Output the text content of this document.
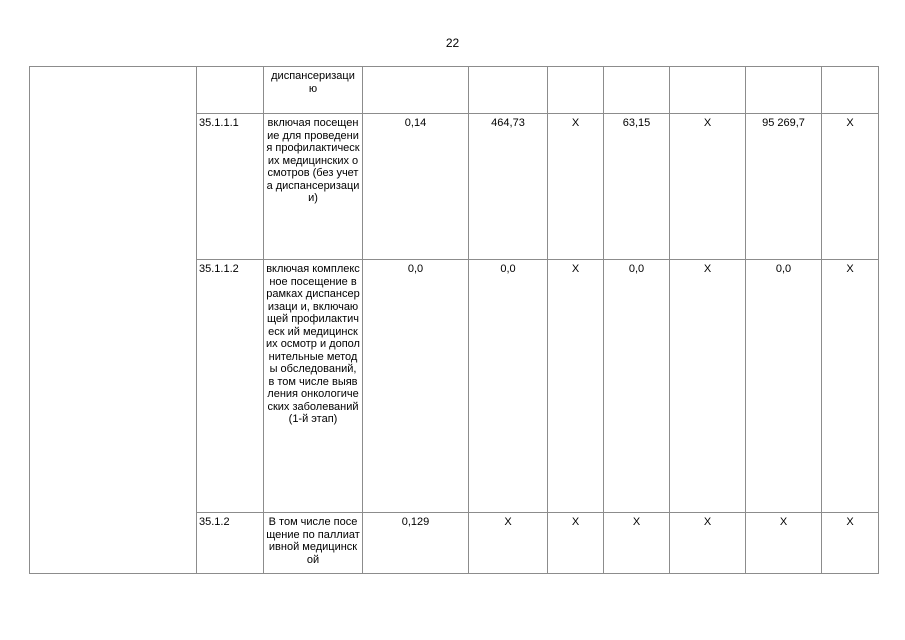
22
		диспансеризаци ю							
	35.1.1.1	включая посещение для проведения профилактическ их медицинских осмотров (без учета диспансеризаци и)	0,14	464,73	X	63,15	X	95 269,7	X
	35.1.1.2	включая комплексное посещение в рамках диспансеризаци и, включающей профилактическ ий медицинских осмотр и дополнительные методы обследований, в том числе выявления онкологических заболеваний (1-й этап)	0,0	0,0	X	0,0	X	0,0	X
	35.1.2	В том числе посещение по паллиативной медицинской	0,129	X	X	X	X	X	X
